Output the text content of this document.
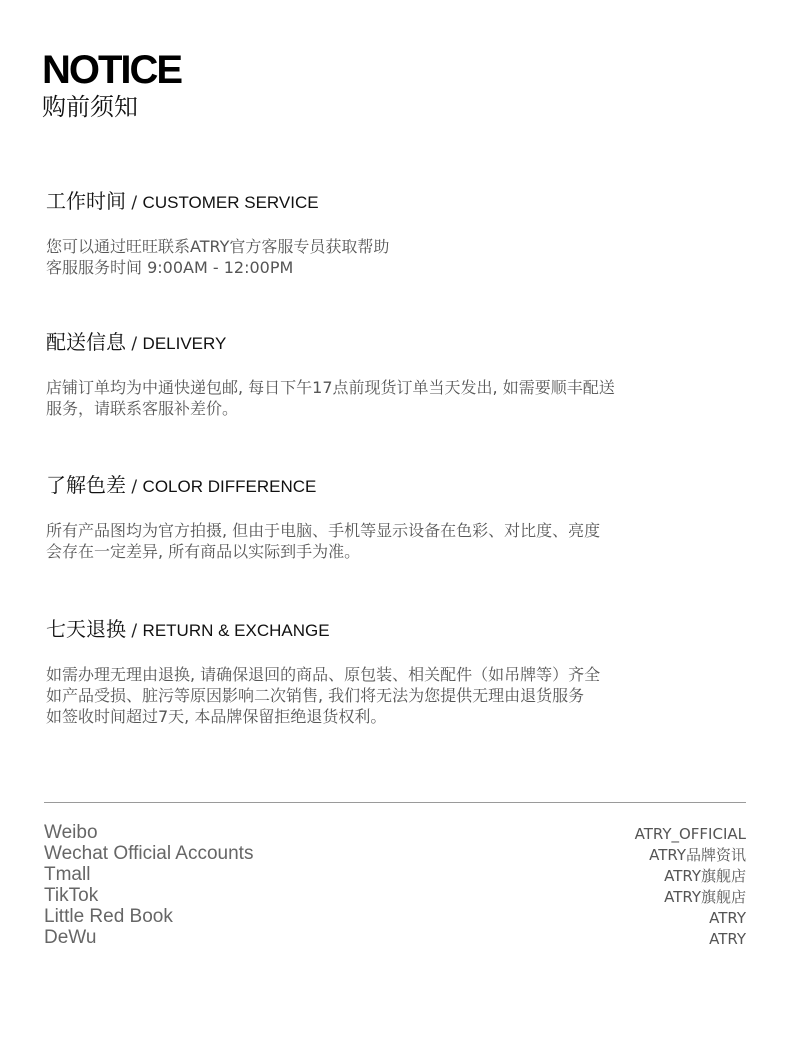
NOTICE
购前须知
工作时间 / CUSTOMER SERVICE
您可以通过旺旺联系ATRY官方客服专员获取帮助
客服服务时间 9:00AM - 12:00PM
配送信息 / DELIVERY
店铺订单均为中通快递包邮, 每日下午17点前现货订单当天发出, 如需要顺丰配送
服务，请联系客服补差价。
了解色差 / COLOR DIFFERENCE
所有产品图均为官方拍摄, 但由于电脑、手机等显示设备在色彩、对比度、亮度
会存在一定差异, 所有商品以实际到手为准。
七天退换 / RETURN & EXCHANGE
如需办理无理由退换, 请确保退回的商品、原包装、相关配件（如吊牌等）齐全
如产品受损、脏污等原因影响二次销售, 我们将无法为您提供无理由退货服务
如签收时间超过7天, 本品牌保留拒绝退货权利。
Weibo	ATRY_OFFICIAL
Wechat Official Accounts	ATRY品牌资讯
Tmall	ATRY旗舰店
TikTok	ATRY旗舰店
Little Red Book	ATRY
DeWu	ATRY
